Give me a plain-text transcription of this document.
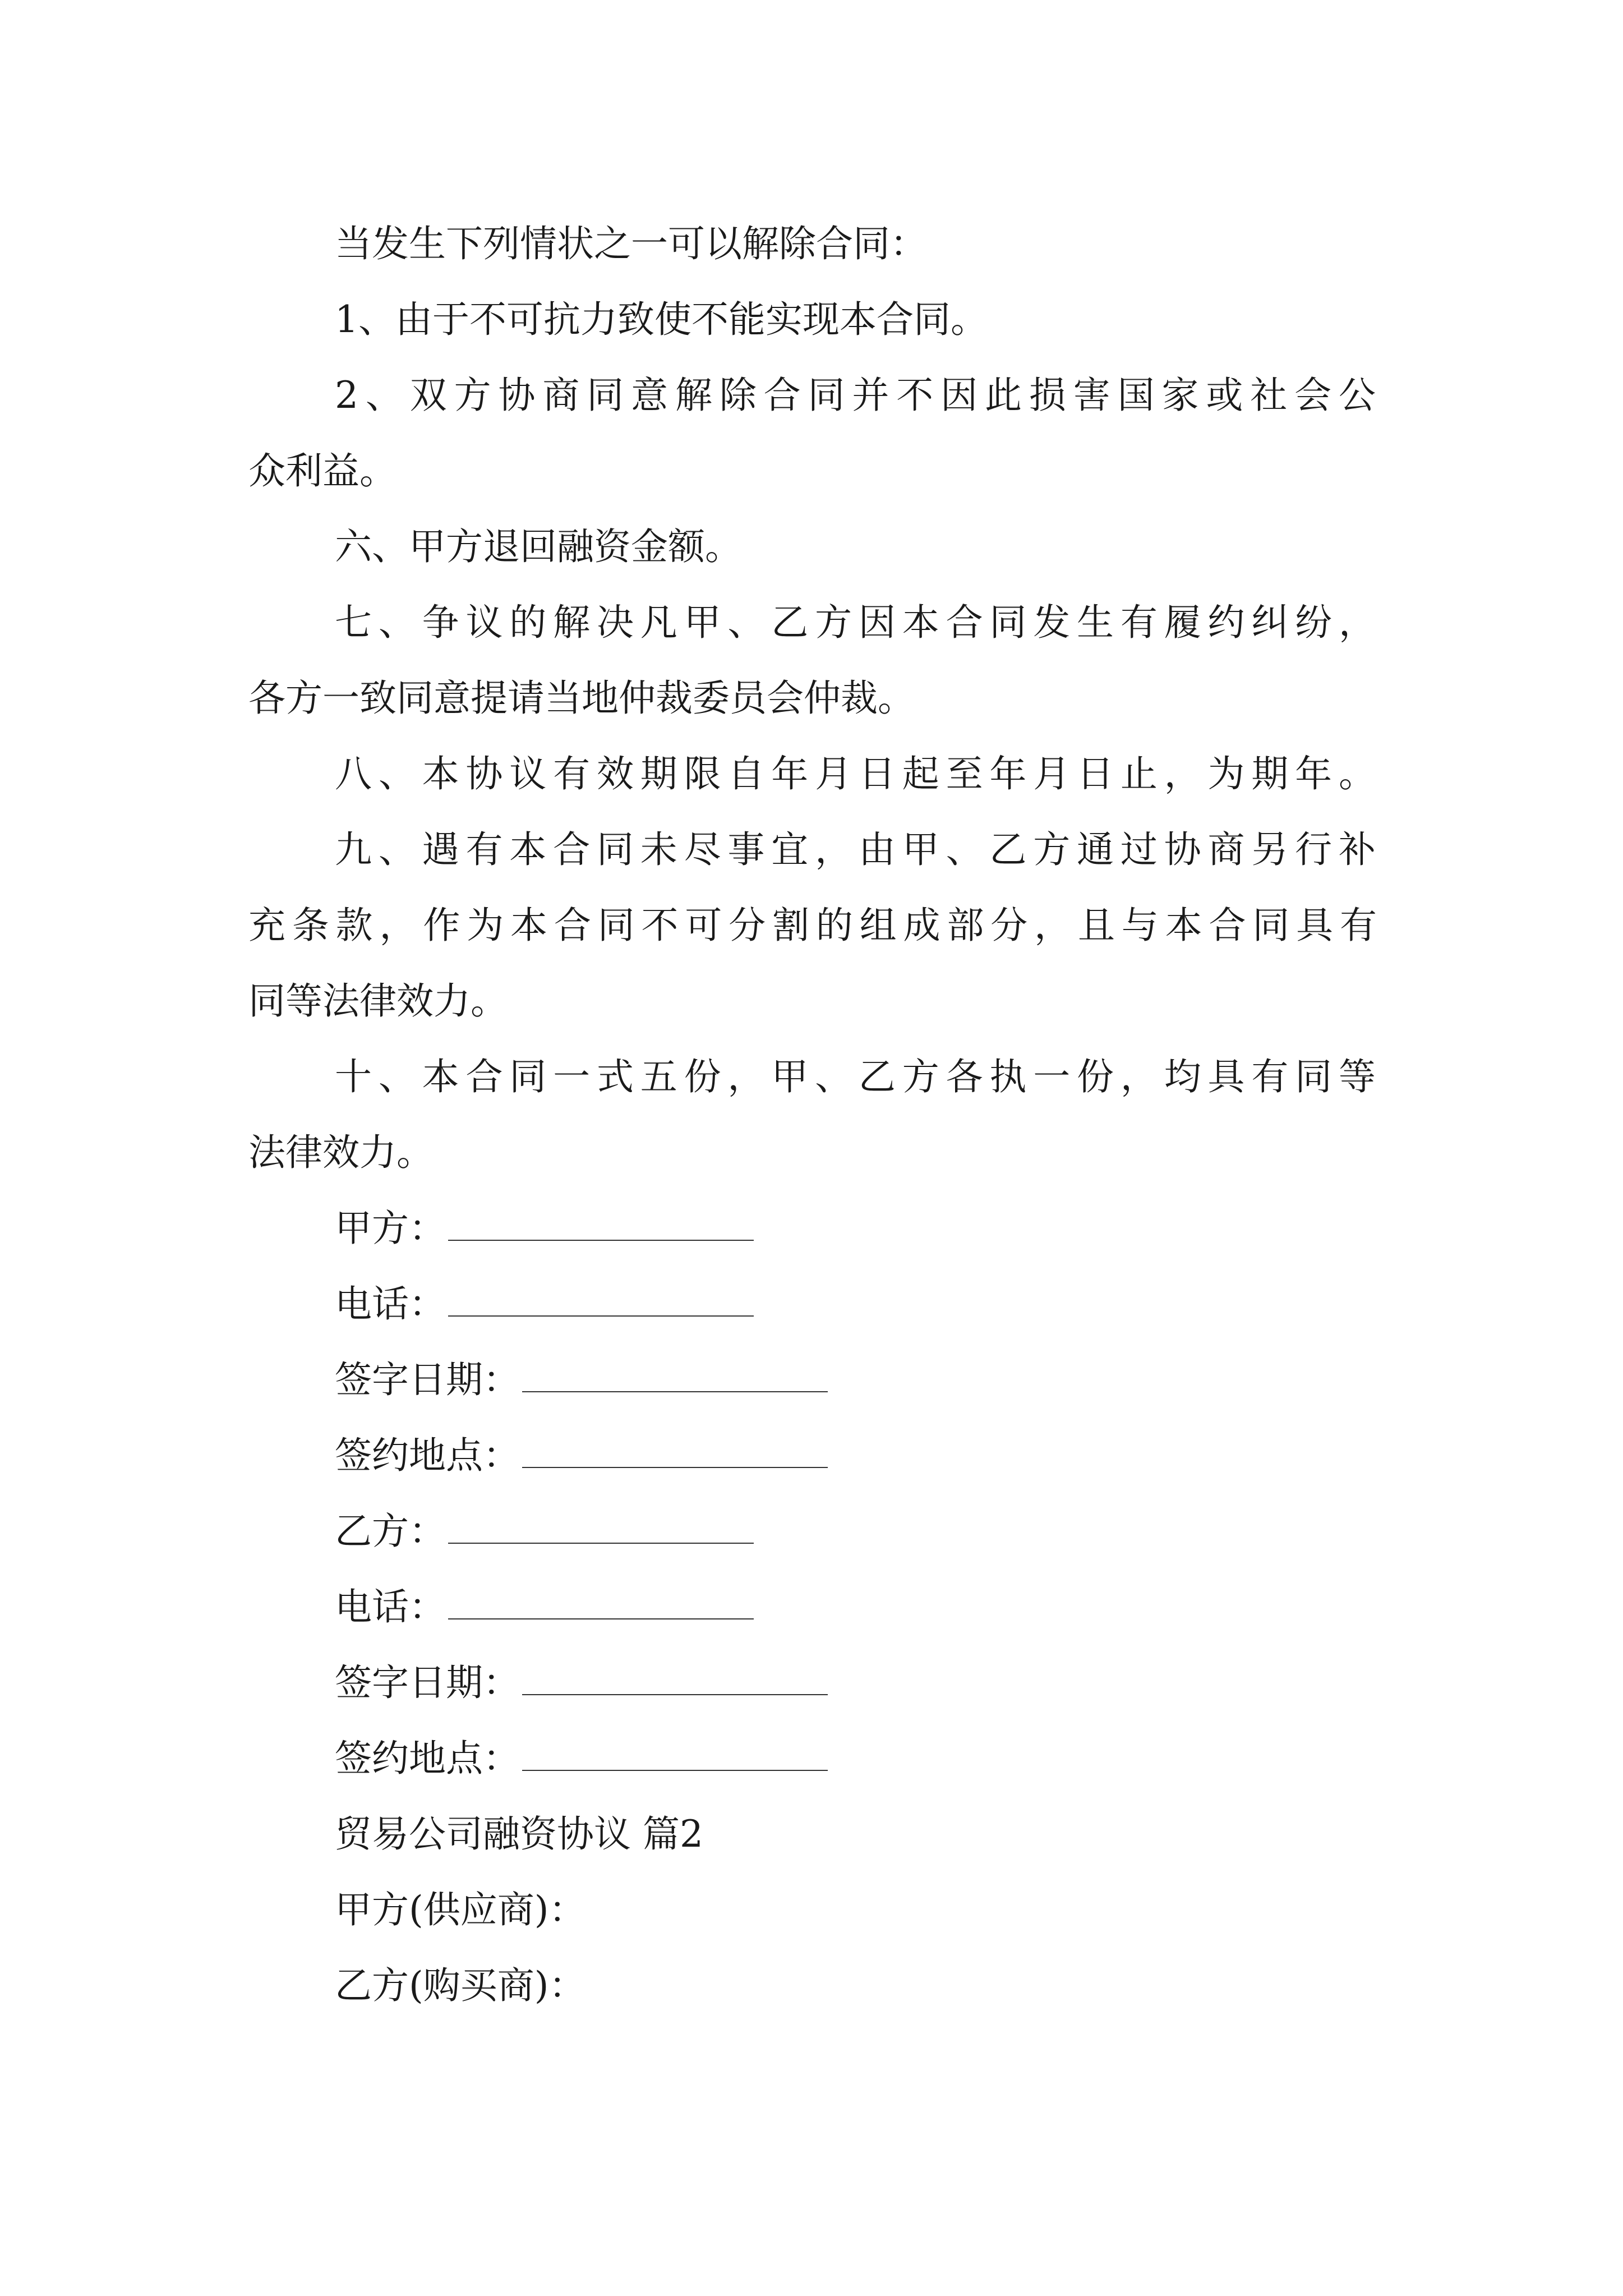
当发生下列情状之一可以解除合同：
1、由于不可抗力致使不能实现本合同。
2、双方协商同意解除合同并不因此损害国家或社会公
众利益。
六、甲方退回融资金额。
七、争议的解决凡甲、乙方因本合同发生有履约纠纷，
各方一致同意提请当地仲裁委员会仲裁。
八、本协议有效期限自年月日起至年月日止，为期年。
九、遇有本合同未尽事宜，由甲、乙方通过协商另行补
充条款，作为本合同不可分割的组成部分，且与本合同具有
同等法律效力。
十、本合同一式五份，甲、乙方各执一份，均具有同等
法律效力。
甲方：
电话：
签字日期：
签约地点：
乙方：
电话：
签字日期：
签约地点：
贸易公司融资协议 篇2
甲方(供应商)：
乙方(购买商)：
